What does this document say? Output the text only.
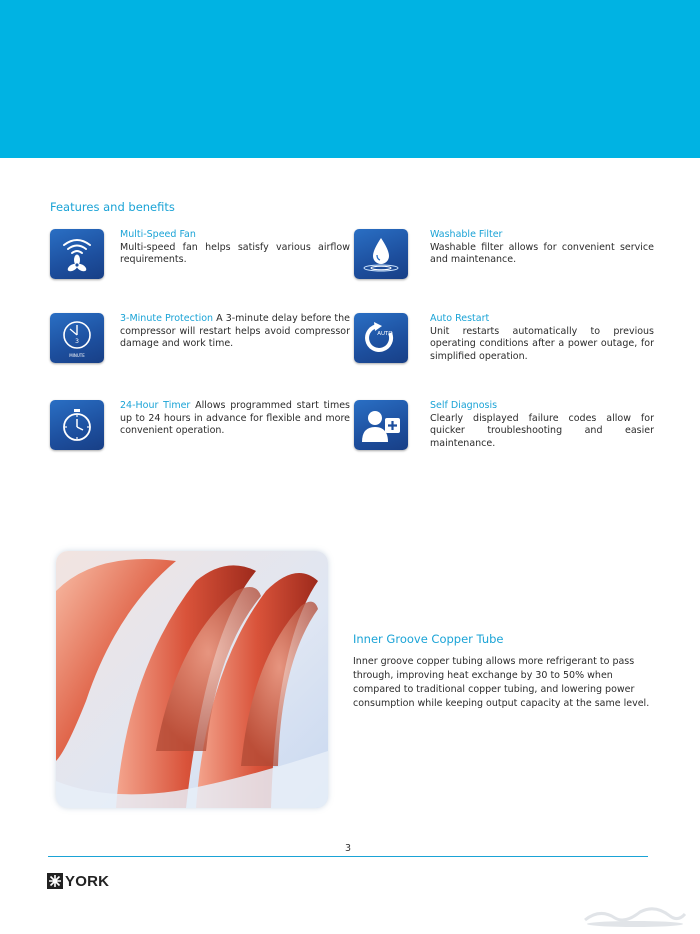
Features and benefits
Multi-Speed Fan
Multi-speed fan helps satisfy various airflow requirements.
Washable Filter
Washable filter allows for convenient service and maintenance.
3
MINUTE
3-Minute Protection A 3-minute delay before the compressor will restart helps avoid compressor damage and work time.
AUTO
Auto Restart
Unit restarts automatically to previous operating conditions after a power outage, for simplified operation.
24-Hour Timer Allows programmed start times up to 24 hours in advance for flexible and more convenient operation.
Self Diagnosis
Clearly displayed failure codes allow for quicker troubleshooting and easier maintenance.
Inner Groove Copper Tube
Inner groove copper tubing allows more refrigerant to pass through, improving heat exchange by 30 to 50% when compared to traditional copper tubing, and lowering power consumption while keeping output capacity at the same level.
3
YORK
